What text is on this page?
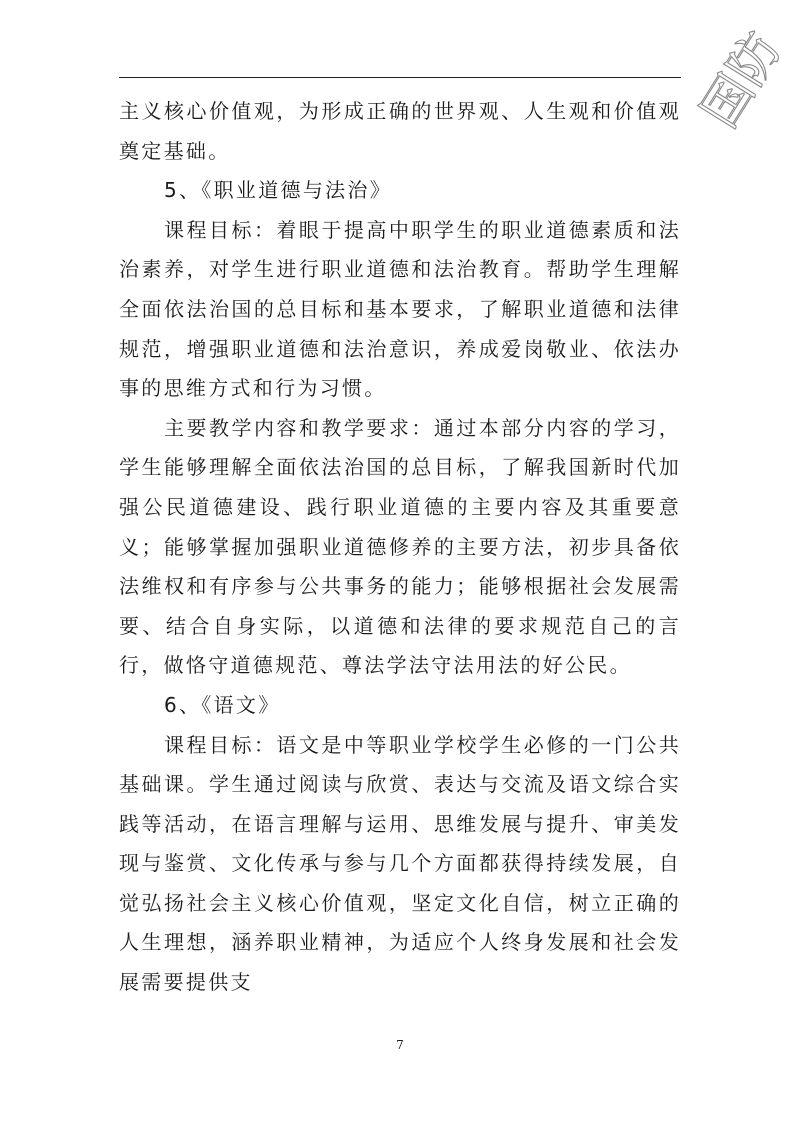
国防

主义核心价值观，为形成正确的世界观、人生观和价值观奠定基础。

5、《职业道德与法治》

课程目标：着眼于提高中职学生的职业道德素质和法治素养，对学生进行职业道德和法治教育。帮助学生理解全面依法治国的总目标和基本要求，了解职业道德和法律规范，增强职业道德和法治意识，养成爱岗敬业、依法办事的思维方式和行为习惯。

主要教学内容和教学要求：通过本部分内容的学习，学生能够理解全面依法治国的总目标，了解我国新时代加强公民道德建设、践行职业道德的主要内容及其重要意义；能够掌握加强职业道德修养的主要方法，初步具备依法维权和有序参与公共事务的能力；能够根据社会发展需要、结合自身实际，以道德和法律的要求规范自己的言行，做恪守道德规范、尊法学法守法用法的好公民。

6、《语文》

课程目标：语文是中等职业学校学生必修的一门公共基础课。学生通过阅读与欣赏、表达与交流及语文综合实践等活动，在语言理解与运用、思维发展与提升、审美发现与鉴赏、文化传承与参与几个方面都获得持续发展，自觉弘扬社会主义核心价值观，坚定文化自信，树立正确的人生理想，涵养职业精神，为适应个人终身发展和社会发展需要提供支

7
